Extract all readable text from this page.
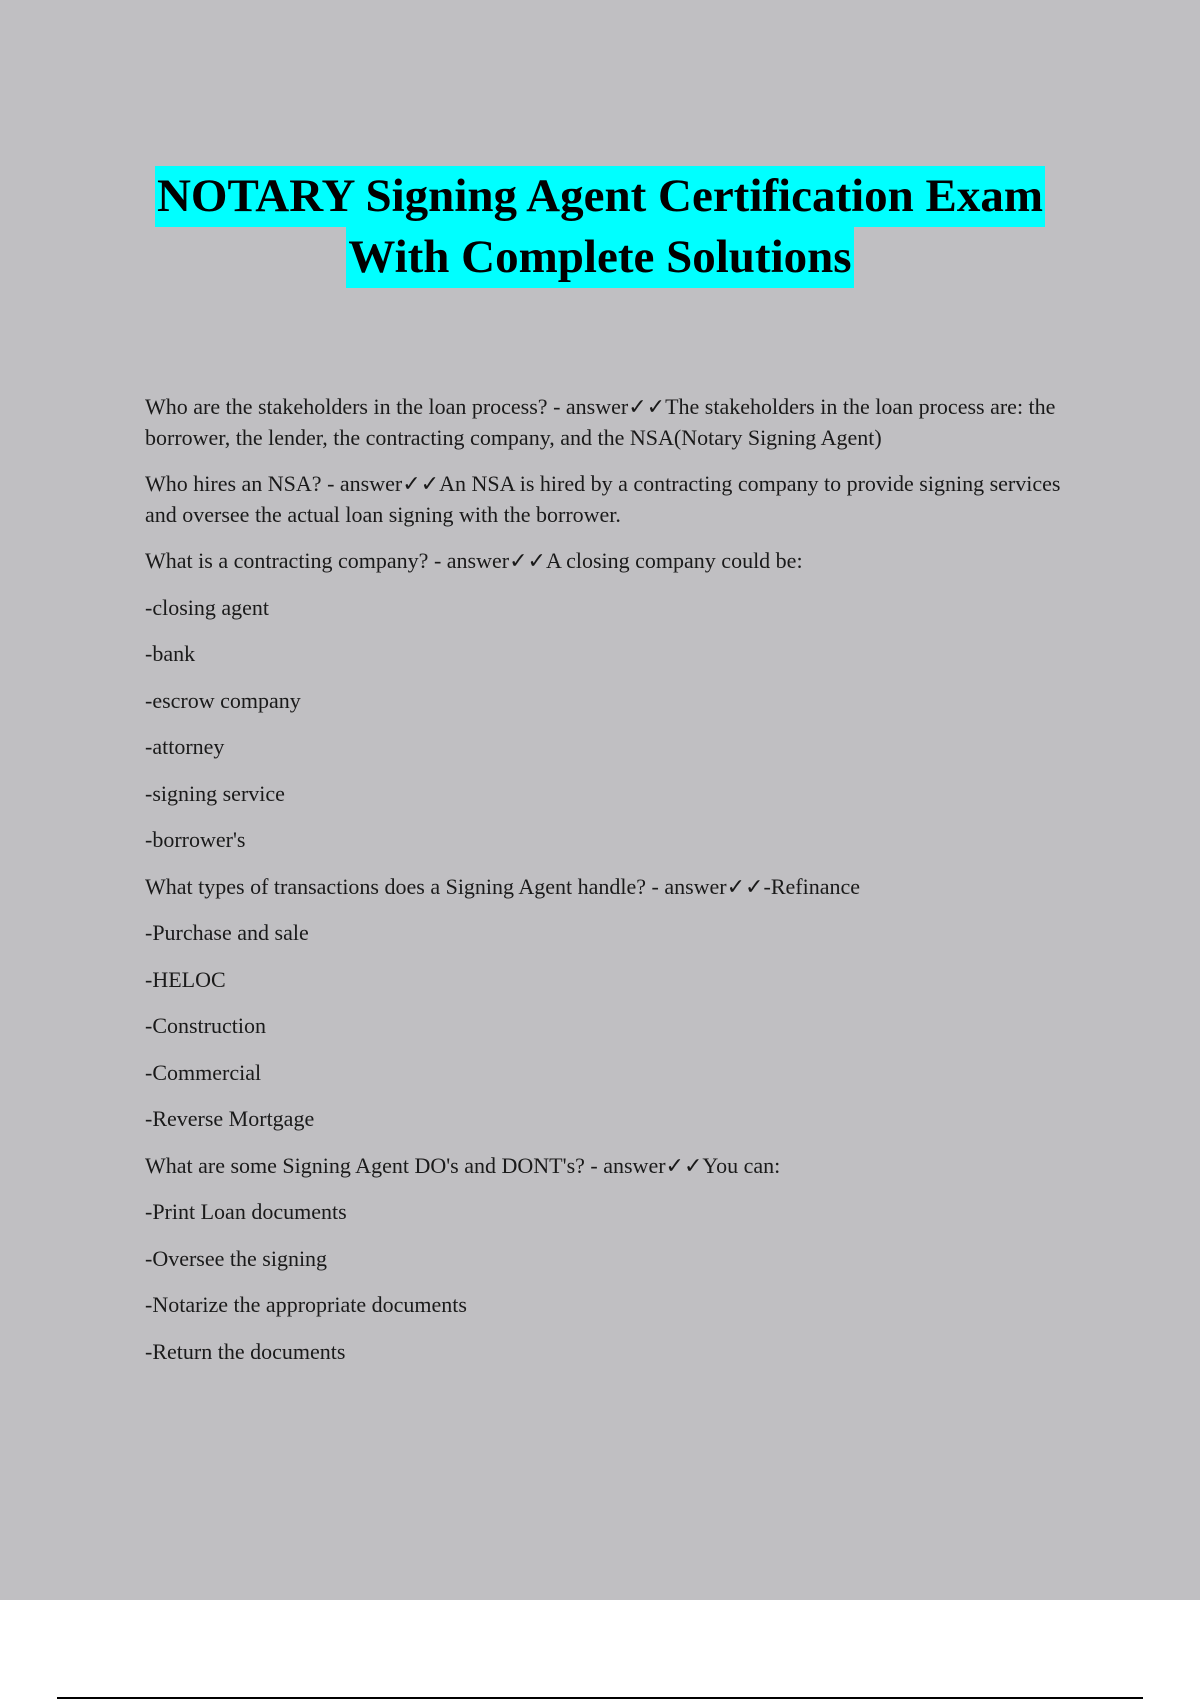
NOTARY Signing Agent Certification Exam
With Complete Solutions

Who are the stakeholders in the loan process? - answer✓✓The stakeholders in the loan process are: the borrower, the lender, the contracting company, and the NSA(Notary Signing Agent)

Who hires an NSA? - answer✓✓An NSA is hired by a contracting company to provide signing services and oversee the actual loan signing with the borrower.

What is a contracting company? - answer✓✓A closing company could be:

-closing agent

-bank

-escrow company

-attorney

-signing service

-borrower's

What types of transactions does a Signing Agent handle? - answer✓✓-Refinance

-Purchase and sale

-HELOC

-Construction

-Commercial

-Reverse Mortgage

What are some Signing Agent DO's and DONT's? - answer✓✓You can:

-Print Loan documents

-Oversee the signing

-Notarize the appropriate documents

-Return the documents
